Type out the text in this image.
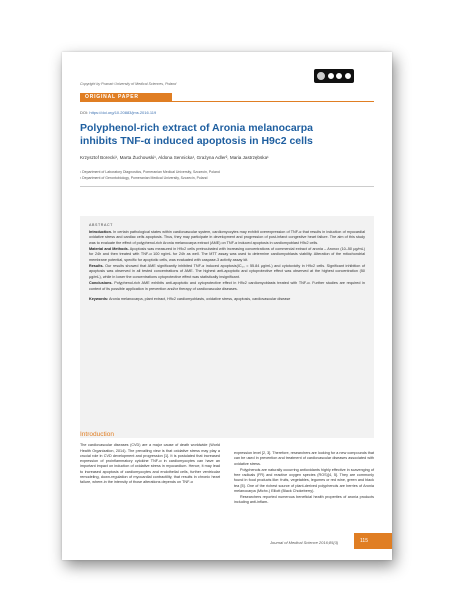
Copyright by Poznań University of Medical Sciences, Poland
ORIGINAL PAPER
DOI: https://doi.org/10.20883/jms.2016.119
Polyphenol-rich extract of Aronia melanocarpa inhibits TNF-α induced apoptosis in H9c2 cells
Krzysztof Borecki¹, Marta Żuchowski¹, Aldona Sennicka¹, Grażyna Adler², Maria Jastrzębska¹
¹ Department of Laboratory Diagnostics, Pomeranian Medical University, Szczecin, Poland
² Department of Gerontobiology, Pomeranian Medical University, Szczecin, Poland
ABSTRACT

Introduction. In certain pathological states within cardiovascular system, cardiomyocytes may exhibit overexpression of TNF-α that results in induction of myocardial oxidative stress and cardiac cells apoptosis. Thus, they may participate in development and progression of post-infarct congestive heart failure. The aim of this study was to evaluate the effect of polyphenol-rich Aronia melanocarpa extract (AME) on TNF-α induced apoptosis in cardiomyoblast H9c2 cells.

Material and Methods. Apoptosis was measured in H9c2 cells preincubated with increasing concentrations of commercial extract of aronia – Aronox (10–50 μg/mL) for 24h and then treated with TNF-α 100 ng/mL for 24h as well. The MTT assay was used to determine cardiomyoblasts viability. Alteration of the mitochondrial membrane potential, specific for apoptotic cells, was evaluated with caspase-3 activity assay kit.

Results. Our results showed that AME significantly inhibited TNF-α induced apoptosis(IC₅₀ = 55.84 μg/mL) and cytotoxicity in H9c2 cells. Significant inhibition of apoptosis was observed in all tested concentrations of AME. The highest anti-apoptotic and cytoprotective effect was observed at the highest concentration (50 μg/mL), while in lower the concentrations cytoprotective effect was statistically insignificant.

Conclusions. Polyphenol-rich AME exhibits anti-apoptotic and cytoprotective effect in H9c2 cardiomyoblasts treated with TNF-α. Further studies are required in context of its possible application in prevention and/or therapy of cardiovascular diseases.

Keywords: Aronia melanocarpa, plant extract, H9c2 cardiomyoblasts, oxidative stress, apoptosis, cardiovascular disease

Introduction

The cardiovascular diseases (CVD) are a major cause of death worldwide (World Health Organization, 2014). The prevailing view is that oxidative stress may play a crucial role in CVD development and progression [1]. It is postulated that increased expression of proinflammatory cytokine TNF-α in cardiomyocytes can have an important impact on induction of oxidative stress in myocardium. Hence, it may lead to increased apoptosis of cardiomyocytes and endothelial cells, further ventricular remodeling, down-regulation of myocardial contractility, that results in chronic heart failure, where-in the intensity of those alterations depends on TNF-α

expression level [2, 3]. Therefore, researchers are looking for a new compounds that can be used in prevention and treatment of cardiovascular diseases associated with oxidative stress.

Polyphenols are naturally occurring antioxidants highly effective in scavenging of free radicals (FR) and reactive oxygen species (ROS)[4, 5]. They are commonly found in food products like: fruits, vegetables, legumes or red wine, green and black tea [5]. One of the richest source of plant-derived polyphenols are berries of Aronia melanocarpa (Michx.) Elliott (Black Chokeberry).

Researchers reported numerous beneficial health properties of aronia products including anti-inflam-

Journal of Medical Science 2016;85(3)	115
